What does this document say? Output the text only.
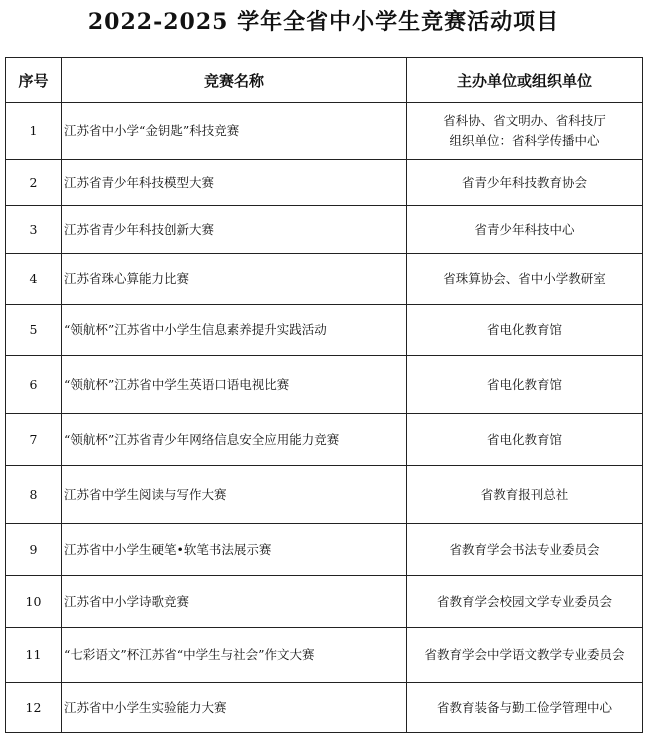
2022-2025 学年全省中小学生竞赛活动项目
序号	竞赛名称	主办单位或组织单位
1	江苏省中小学“金钥匙”科技竞赛	省科协、省文明办、省科技厅
组织单位：省科学传播中心

2	江苏省青少年科技模型大赛	省青少年科技教育协会

3	江苏省青少年科技创新大赛	省青少年科技中心

4	江苏省珠心算能力比赛	省珠算协会、省中小学教研室

5	“领航杯”江苏省中小学生信息素养提升实践活动	省电化教育馆

6	“领航杯”江苏省中学生英语口语电视比赛	省电化教育馆

7	“领航杯”江苏省青少年网络信息安全应用能力竞赛	省电化教育馆

8	江苏省中学生阅读与写作大赛	省教育报刊总社

9	江苏省中小学生硬笔•软笔书法展示赛	省教育学会书法专业委员会

10	江苏省中小学诗歌竞赛	省教育学会校园文学专业委员会

11	“七彩语文”杯江苏省“中学生与社会”作文大赛	省教育学会中学语文教学专业委员会

12	江苏省中小学生实验能力大赛	省教育装备与勤工俭学管理中心
